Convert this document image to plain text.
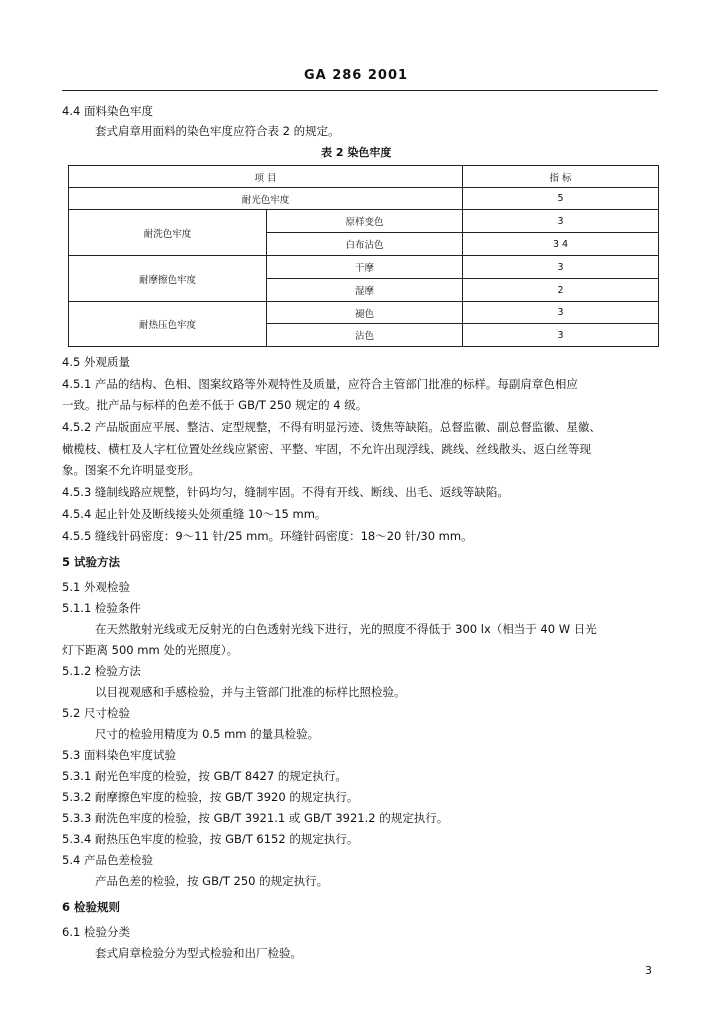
GA 286 2001
4.4 面料染色牢度
套式肩章用面料的染色牢度应符合表 2 的规定。
表 2 染色牢度
项 目	指 标
耐光色牢度	5
耐洗色牢度
原样变色	3
白布沾色	3 4
耐摩擦色牢度
干摩	3
湿摩	2
耐热压色牢度
褪色	3
沾色	3
4.5 外观质量
4.5.1 产品的结构、色相、图案纹路等外观特性及质量，应符合主管部门批准的标样。每副肩章色相应
一致。批产品与标样的色差不低于 GB/T 250 规定的 4 级。
4.5.2 产品版面应平展、整洁、定型规整，不得有明显污迹、烫焦等缺陷。总督监徽、副总督监徽、星徽、
橄榄枝、横杠及人字杠位置处丝线应紧密、平整、牢固，不允许出现浮线、跳线、丝线散头、返白丝等现
象。图案不允许明显变形。
4.5.3 缝制线路应规整，针码均匀，缝制牢固。不得有开线、断线、出毛、返线等缺陷。
4.5.4 起止针处及断线接头处须重缝 10～15 mm。
4.5.5 缝线针码密度：9～11 针/25 mm。环缝针码密度：18～20 针/30 mm。
5 试验方法
5.1 外观检验
5.1.1 检验条件
在天然散射光线或无反射光的白色透射光线下进行，光的照度不得低于 300 lx（相当于 40 W 日光
灯下距离 500 mm 处的光照度）。
5.1.2 检验方法
以目视观感和手感检验，并与主管部门批准的标样比照检验。
5.2 尺寸检验
尺寸的检验用精度为 0.5 mm 的量具检验。
5.3 面料染色牢度试验
5.3.1 耐光色牢度的检验，按 GB/T 8427 的规定执行。
5.3.2 耐摩擦色牢度的检验，按 GB/T 3920 的规定执行。
5.3.3 耐洗色牢度的检验，按 GB/T 3921.1 或 GB/T 3921.2 的规定执行。
5.3.4 耐热压色牢度的检验，按 GB/T 6152 的规定执行。
5.4 产品色差检验
产品色差的检验，按 GB/T 250 的规定执行。
6 检验规则
6.1 检验分类
套式肩章检验分为型式检验和出厂检验。
3
